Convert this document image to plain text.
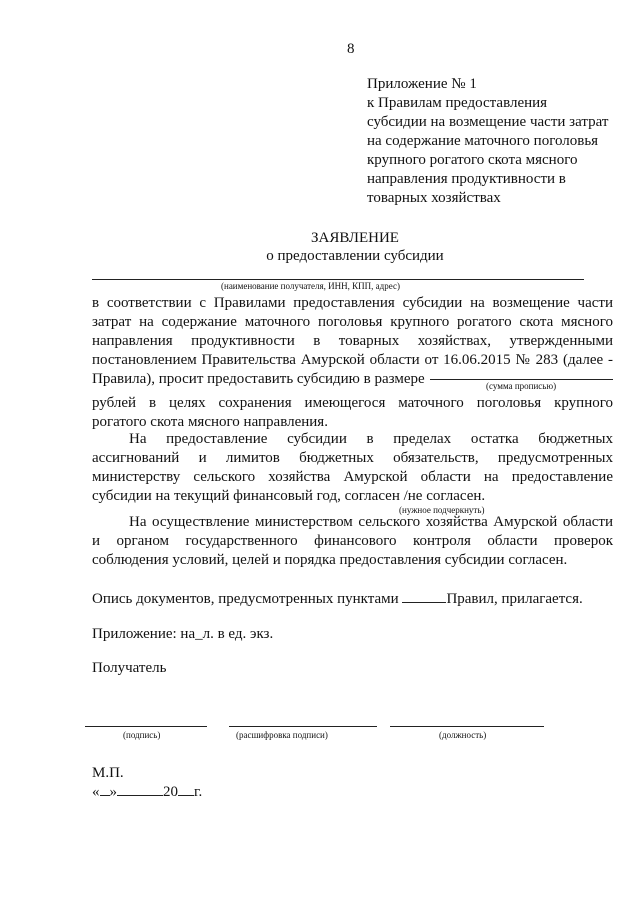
8
Приложение № 1
к Правилам предоставления
субсидии на возмещение части затрат
на содержание маточного поголовья
крупного рогатого скота мясного
направления продуктивности в
товарных хозяйствах
ЗАЯВЛЕНИЕ
о предоставлении субсидии
(наименование получателя, ИНН, КПП, адрес)
в соответствии с Правилами предоставления субсидии на возмещение части
затрат на содержание маточного поголовья крупного рогатого скота мясного
направления продуктивности в товарных хозяйствах, утвержденными
постановлением Правительства Амурской области от 16.06.2015 № 283 (далее -
Правила), просит предоставить субсидию в размере	(сумма прописью)
рублей в целях сохранения имеющегося маточного поголовья крупного
рогатого скота мясного направления.
На предоставление субсидии в пределах остатка бюджетных
ассигнований и лимитов бюджетных обязательств, предусмотренных
министерству сельского хозяйства Амурской области на предоставление
субсидии на текущий финансовый год, согласен /не согласен.
(нужное подчеркнуть)
На осуществление министерством сельского хозяйства Амурской области
и органом государственного финансового контроля области проверок
соблюдения условий, целей и порядка предоставления субсидии согласен.
Опись документов, предусмотренных пунктами	Правил, прилагается.
Приложение: на_л. в ед. экз.
Получатель
(подпись)	(расшифровка подписи)	(должность)
М.П.
« »	20 г.
